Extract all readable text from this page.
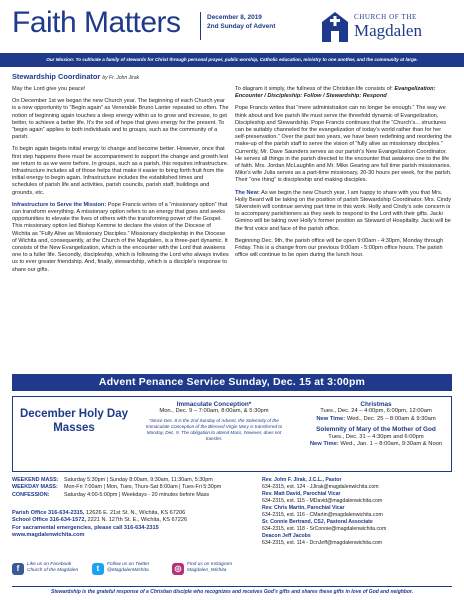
Faith Matters	December 8, 2019
2nd Sunday of Advent
CHURCH OF THE
Magdalen
Our Mission: To cultivate a family of stewards for Christ through personal prayer, public worship, Catholic education, ministry to one another, and the community at large.
Stewardship Coordinator by Fr. John Jirak

May the Lord give you peace!

On December 1st we began the new Church year. The beginning of each Church year is a new opportunity to “Begin again” as Venerable Bruno Lanter repeated so often. The notion of beginning again touches a deep energy within us to grow and increase, to get better, to achieve a better life. It’s the soil of hope that gives energy for the present. To “begin again” applies to both individuals and to groups, such as the community of a parish.

To begin again begets initial energy to change and become better. However, once that first step happens there must be accompaniment to support the change and growth lest we return to as we were before. In groups, such as a parish, this requires infrastructure. Infrastructure includes all of those helps that make it easier to bring forth fruit from the initial energy to begin again. Infrastructure includes the established times and schedules of parish life and activities, parish councils, parish staff, buildings and grounds, etc.

Infrastructure to Serve the Mission: Pope Francis writes of a “missionary option” that can transform everything. A missionary option refers to an energy that goes and seeks opportunities to elevate the lives of others with the transforming power of the Gospel. This missionary option led Bishop Kemme to declare the vision of the Diocese of Wichita as “Fully Alive as Missionary Disciples.” Missionary discipleship in the Diocese of Wichita and, consequently, at the Church of the Magdalen, is a three-part dynamic. It consists of the New Evangelization, which is the encounter with the Lord that awakens one to a fuller life. Secondly, discipleship, which is following the Lord who always invites us to ever greater friendship. And, finally, stewardship, which is a disciple’s response to share our gifts.

To diagram it simply, the fullness of the Christian life consists of: Evangelization: Encounter / Discipleship: Follow / Stewardship: Respond

Pope Francis writes that “mere administration can no longer be enough.” The way we think about and live parish life must serve the threefold dynamic of Evangelization, Discipleship and Stewardship. Pope Francis continues that the “Church’s... structures can be suitably channeled for the evangelization of today’s world rather than for her self-preservation.” Over the past two years, we have been redefining and reordering the make-up of the parish staff to serve the vision of “fully alive as missionary disciples.” Currently, Mr. Dave Saunders serves as our parish’s New Evangelization Coordinator. He serves all things in the parish directed to the encounter that awakens one to the life of faith. Mrs. Jordan McLaughlin and Mr. Mike Gearing are full time parish missionaries. Mike’s wife Julia serves as a part-time missionary, 20-30 hours per week, for the parish. Their “one thing” is discipleship and making disciples.

The New: As we begin the new Church year, I am happy to share with you that Mrs. Holly Beard will be taking on the position of parish Stewardship Coordinator. Mrs. Cindy Silverstein will continue serving part time in this work. Holly and Cindy’s sole concern is to accompany parishioners as they seek to respond to the Lord with their gifts. Jacki Gimino will be taking over Holly’s former position as Steward of Hospitality. Jacki will be the first voice and face of the parish office.

Beginning Dec. 9th, the parish office will be open 9:00am - 4:30pm, Monday through Friday. This is a change from our previous 9:00am - 5:00pm office hours. The parish office will continue to be open during the lunch hour.

Advent Penance Service Sunday, Dec. 15 at 3:00pm
December Holy Day Masses
Immaculate Conception*
Mon., Dec. 9 – 7:00am, 8:00am, & 5:30pm
*Since Dec. 8 is the 2nd Sunday of Advent, the Solemnity of the Immaculate Conception of the Blessed Virgin Mary is transferred to Monday, Dec. 9. The obligation to attend Mass, however, does not transfer.
Christmas
Tues., Dec. 24 – 4:00pm, 6:00pm, 12:00am
New Time: Wed., Dec. 25 – 8:00am & 9:30am
Solemnity of Mary of the Mother of God
Tues., Dec. 31 – 4:30pm and 6:00pm
New Time: Wed., Jan. 1 – 8:00am, 9:30am & Noon
WEEKEND MASS: Saturday 5:30pm | Sunday 8:00am, 9:30am, 11:30am, 5:30pm
WEEKDAY MASS: Mon-Fri 7:00am | Mon, Tues, Thurs-Sat 8:00am | Tues-Fri 5:30pm
CONFESSION:	Saturday 4:00-5:00pm | Weekdays - 20 minutes before Mass
Parish Office 316-634-2315, 12626 E. 21st St. N., Wichita, KS 67206
School Office 316-634-1572, 2221 N. 127th St. E., Wichita, KS 67226
For sacramental emergencies, please call 316-634-2315
www.magdalenwichita.com
f	Like us on Facebook
Church of the Magdalen	t	Follow us on Twitter
@MagdalenWichita	◎	Find us on Instagram
Magdalen_Wichita
Rev. John F. Jirak, J.C.L., Pastor
634-2315, ext. 124 - JJirak@magdalenwichita.com
Rev. Matt David, Parochial Vicar
634-2315, ext. 115 - MDavid@magdalenwichita.com
Rev. Chris Martin, Parochial Vicar
634-2315, ext. 116 - CMartin@magdalenwichita.com
Sr. Connie Bertrand, CSJ, Pastoral Associate
634-2315, ext. 118 - SrConnie@magdalenwichita.com
Deacon Jeff Jacobs
634-2315, ext. 114 - DcnJeff@magdalenwichita.com
Stewardship is the grateful response of a Christian disciple who recognizes and receives God’s gifts and shares these gifts in love of God and neighbor.
